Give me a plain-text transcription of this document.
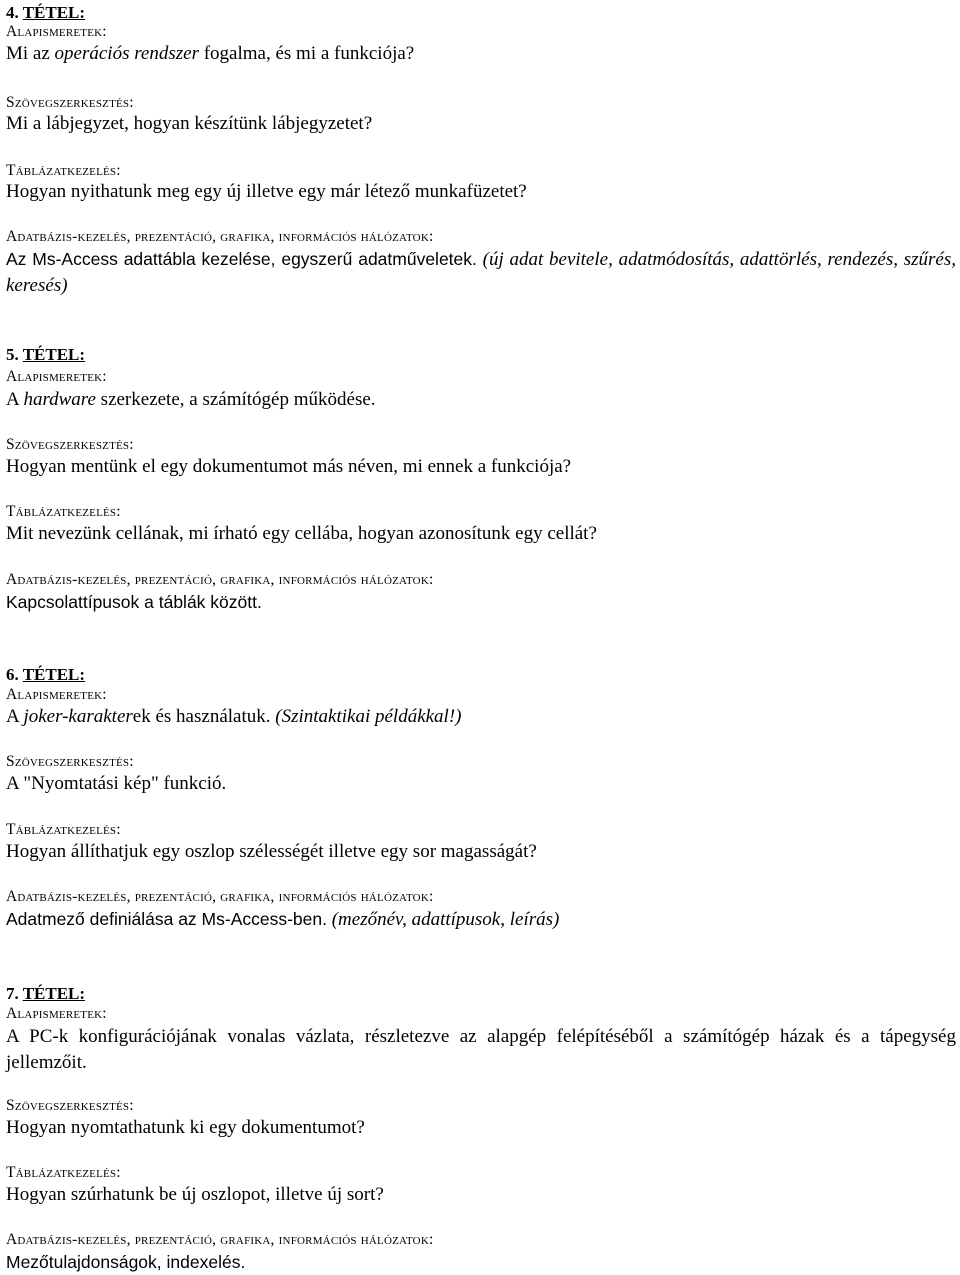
4. TÉTEL:
Alapismeretek:
Mi az operációs rendszer fogalma, és mi a funkciója?
Szövegszerkesztés:
Mi a lábjegyzet, hogyan készítünk lábjegyzetet?
Táblázatkezelés:
Hogyan nyithatunk meg egy új illetve egy már létező munkafüzetet?
Adatbázis-kezelés, prezentáció, grafika, információs hálózatok:
Az Ms-Access adattábla kezelése, egyszerű adatműveletek. (új adat bevitele, adatmódosítás, adattörlés, rendezés, szűrés, keresés)
5. TÉTEL:
Alapismeretek:
A hardware szerkezete, a számítógép működése.
Szövegszerkesztés:
Hogyan mentünk el egy dokumentumot más néven, mi ennek a funkciója?
Táblázatkezelés:
Mit nevezünk cellának, mi írható egy cellába, hogyan azonosítunk egy cellát?
Adatbázis-kezelés, prezentáció, grafika, információs hálózatok:
Kapcsolattípusok a táblák között.
6. TÉTEL:
Alapismeretek:
A joker-karakterek és használatuk. (Szintaktikai példákkal!)
Szövegszerkesztés:
A "Nyomtatási kép" funkció.
Táblázatkezelés:
Hogyan állíthatjuk egy oszlop szélességét illetve egy sor magasságát?
Adatbázis-kezelés, prezentáció, grafika, információs hálózatok:
Adatmező definiálása az Ms-Access-ben. (mezőnév, adattípusok, leírás)
7. TÉTEL:
Alapismeretek:
A PC-k konfigurációjának vonalas vázlata, részletezve az alapgép felépítéséből a számítógép házak és a tápegység jellemzőit.
Szövegszerkesztés:
Hogyan nyomtathatunk ki egy dokumentumot?
Táblázatkezelés:
Hogyan szúrhatunk be új oszlopot, illetve új sort?
Adatbázis-kezelés, prezentáció, grafika, információs hálózatok:
Mezőtulajdonságok, indexelés.
